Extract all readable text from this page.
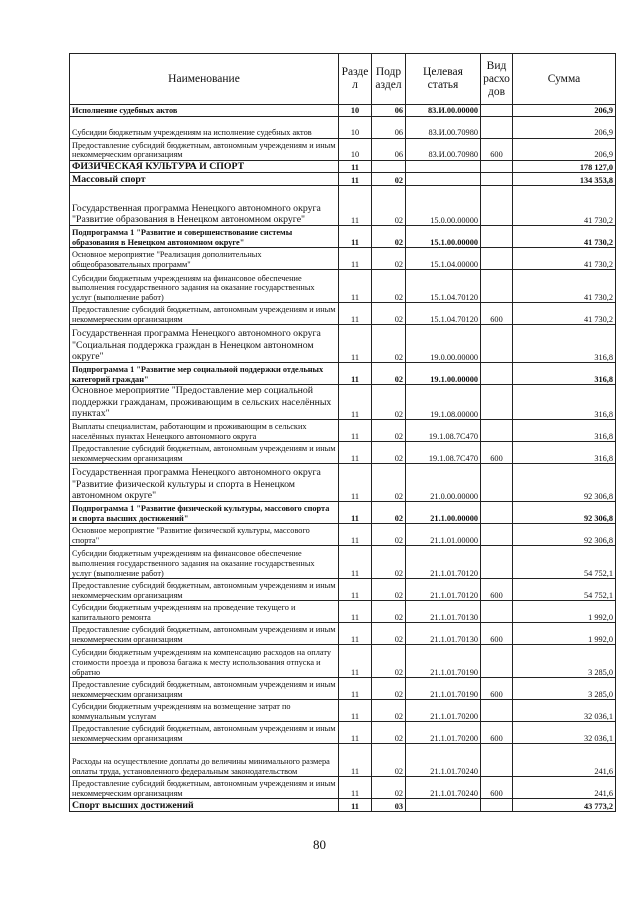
Наименование	Разде л	Подр аздел	Целевая статья	Вид расхо дов	Сумма
Исполнение судебных актов	10	06	83.И.00.00000		206,9
Субсидии бюджетным учреждениям на исполнение судебных актов	10	06	83.И.00.70980		206,9
Предоставление субсидий бюджетным, автономным учреждениям и иным некоммерческим организациям	10	06	83.И.00.70980	600	206,9
ФИЗИЧЕСКАЯ КУЛЬТУРА И СПОРТ	11				178 127,0
Массовый спорт	11	02			134 353,8
Государственная программа Ненецкого автономного округа "Развитие образования в Ненецком автономном округе"	11	02	15.0.00.00000		41 730,2
Подпрограмма 1 "Развитие и совершенствование системы образования в Ненецком автономном округе"	11	02	15.1.00.00000		41 730,2
Основное мероприятие "Реализация дополнительных общеобразовательных программ"	11	02	15.1.04.00000		41 730,2
Субсидии бюджетным учреждениям на финансовое обеспечение выполнения государственного задания на оказание государственных услуг (выполнение работ)	11	02	15.1.04.70120		41 730,2
Предоставление субсидий бюджетным, автономным учреждениям и иным некоммерческим организациям	11	02	15.1.04.70120	600	41 730,2
Государственная программа Ненецкого автономного округа "Социальная поддержка граждан в Ненецком автономном округе"	11	02	19.0.00.00000		316,8
Подпрограмма 1 "Развитие мер социальной поддержки отдельных категорий граждан"	11	02	19.1.00.00000		316,8
Основное мероприятие "Предоставление мер социальной поддержки гражданам, проживающим в сельских населённых пунктах"	11	02	19.1.08.00000		316,8
Выплаты специалистам, работающим и проживающим в сельских населённых пунктах Ненецкого автономного округа	11	02	19.1.08.7С470		316,8
Предоставление субсидий бюджетным, автономным учреждениям и иным некоммерческим организациям	11	02	19.1.08.7С470	600	316,8
Государственная программа Ненецкого автономного округа "Развитие физической культуры и спорта в Ненецком автономном округе"	11	02	21.0.00.00000		92 306,8
Подпрограмма 1 "Развитие физической культуры, массового спорта и спорта высших достижений"	11	02	21.1.00.00000		92 306,8
Основное мероприятие "Развитие физической культуры, массового спорта"	11	02	21.1.01.00000		92 306,8
Субсидии бюджетным учреждениям на финансовое обеспечение выполнения государственного задания на оказание государственных услуг (выполнение работ)	11	02	21.1.01.70120		54 752,1
Предоставление субсидий бюджетным, автономным учреждениям и иным некоммерческим организациям	11	02	21.1.01.70120	600	54 752,1
Субсидии бюджетным учреждениям на проведение текущего и капитального ремонта	11	02	21.1.01.70130		1 992,0
Предоставление субсидий бюджетным, автономным учреждениям и иным некоммерческим организациям	11	02	21.1.01.70130	600	1 992,0
Субсидии бюджетным учреждениям на компенсацию расходов на оплату стоимости проезда и провоза багажа к месту использования отпуска и обратно	11	02	21.1.01.70190		3 285,0
Предоставление субсидий бюджетным, автономным учреждениям и иным некоммерческим организациям	11	02	21.1.01.70190	600	3 285,0
Субсидии бюджетным учреждениям на возмещение затрат по коммунальным услугам	11	02	21.1.01.70200		32 036,1
Предоставление субсидий бюджетным, автономным учреждениям и иным некоммерческим организациям	11	02	21.1.01.70200	600	32 036,1
Расходы на осуществление доплаты до величины минимального размера оплаты труда, установленного федеральным законодательством	11	02	21.1.01.70240		241,6
Предоставление субсидий бюджетным, автономным учреждениям и иным некоммерческим организациям	11	02	21.1.01.70240	600	241,6
Спорт высших достижений	11	03			43 773,2
80
